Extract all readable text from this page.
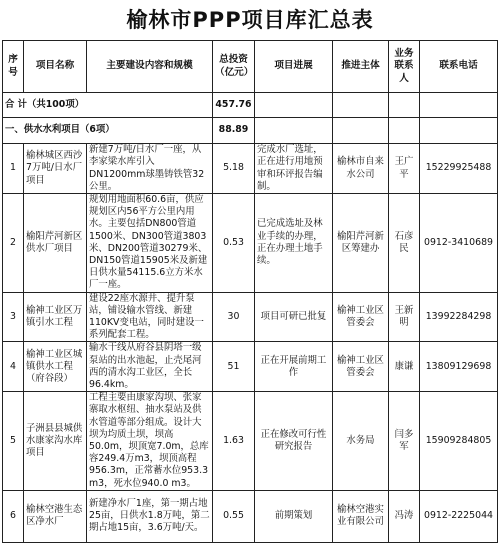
榆林市PPP项目库汇总表
序号	项目名称	主要建设内容和规模	总投资（亿元）	项目进展	推进主体	业务联系人	联系电话
合 计（共100项）			457.76				
一、供水水利项目（6项）			88.89				
1	榆林城区西沙7万吨/日水厂项目	新建7万吨/日水厂一座，从李家梁水库引入DN1200mm球墨铸铁管32公里。	5.18	完成水厂选址，正在进行用地预审和环评报告编制。	榆林市自来水公司	王广平	15229925488
2	榆阳芹河新区供水厂项目	规划用地面积60.6亩，供应规划区内56平方公里内用水。主要包括DN800管道1500米、DN300管道3803米、DN200管道30279米、DN150管道15905米及新建日供水量54115.6立方米水厂一座。	0.53	已完成选址及林业手续的办理，正在办理土地手续。	榆阳芹河新区筹建办	石彦民	0912-3410689
3	榆神工业区万镇引水工程	建设22座水源井、提升泵站，铺设输水管线、新建110KV变电站，同时建设一系列配套工程。	30	项目可研已批复	榆神工业区管委会	王新明	13992284298
4	榆神工业区城镇供水工程（府谷段）	输水干线从府谷县阴塔一级泵站的出水池起，止壳尾河西的清水沟工业区，全长96.4km。	51	正在开展前期工作	榆神工业区管委会	康谦	13809129698
5	子洲县县城供水康家沟水库项目	工程主要由康家沟坝、张家寨取水枢纽、抽水泵站及供水管道等部分组成。设计大坝为均质土坝，坝高50.0m，坝顶宽7.0m，总库容249.4万m3，坝顶高程956.3m，正常蓄水位953.3 m3，死水位940.0 m3。	1.63	正在修改可行性研究报告	水务局	闫多军	15909284805
6	榆林空港生态区净水厂	新建净水厂1座，第一期占地25亩，日供水1.8万吨，第二期占地15亩，3.6万吨/天。	0.55	前期策划	榆林空港实业有限公司	冯涛	0912-2225044
